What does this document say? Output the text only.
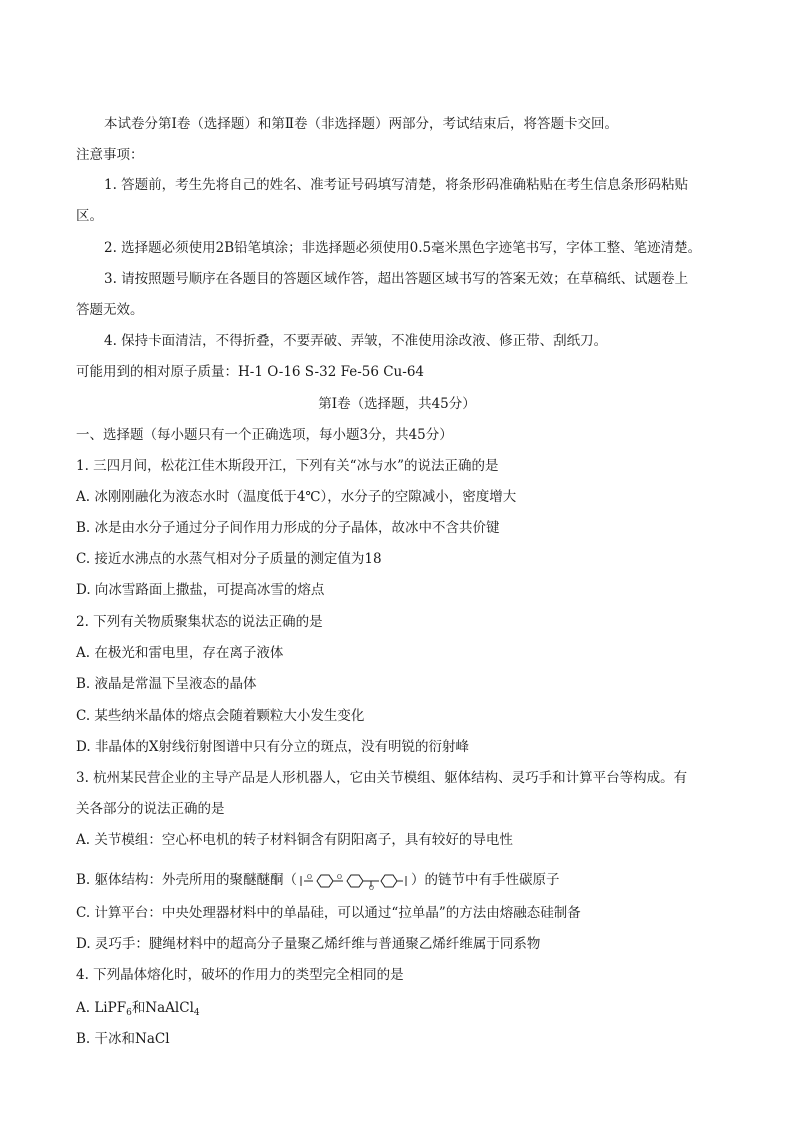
本试卷分第Ⅰ卷（选择题）和第Ⅱ卷（非选择题）两部分，考试结束后，将答题卡交回。
注意事项：
1. 答题前，考生先将自己的姓名、准考证号码填写清楚，将条形码准确粘贴在考生信息条形码粘贴
区。
2. 选择题必须使用2B铅笔填涂；非选择题必须使用0.5毫米黑色字迹笔书写，字体工整、笔迹清楚。
3. 请按照题号顺序在各题目的答题区域作答，超出答题区域书写的答案无效；在草稿纸、试题卷上
答题无效。
4. 保持卡面清洁，不得折叠，不要弄破、弄皱，不准使用涂改液、修正带、刮纸刀。
可能用到的相对原子质量：H-1 O-16 S-32 Fe-56 Cu-64
第Ⅰ卷（选择题，共45分）
一、选择题（每小题只有一个正确选项，每小题3分，共45分）
1. 三四月间，松花江佳木斯段开江，下列有关“冰与水”的说法正确的是
A. 冰刚刚融化为液态水时（温度低于4℃），水分子的空隙减小，密度增大
B. 冰是由水分子通过分子间作用力形成的分子晶体，故冰中不含共价键
C. 接近水沸点的水蒸气相对分子质量的测定值为18
D. 向冰雪路面上撒盐，可提高冰雪的熔点
2. 下列有关物质聚集状态的说法正确的是
A. 在极光和雷电里，存在离子液体
B. 液晶是常温下呈液态的晶体
C. 某些纳米晶体的熔点会随着颗粒大小发生变化
D. 非晶体的X射线衍射图谱中只有分立的斑点，没有明锐的衍射峰
3. 杭州某民营企业的主导产品是人形机器人，它由关节模组、躯体结构、灵巧手和计算平台等构成。有
关各部分的说法正确的是
A. 关节模组：空心杯电机的转子材料铜含有阴阳离子，具有较好的导电性
B. 躯体结构：外壳所用的聚醚醚酮（ O	O
O	）的链节中有手性碳原子
C. 计算平台：中央处理器材料中的单晶硅，可以通过“拉单晶”的方法由熔融态硅制备
D. 灵巧手：腱绳材料中的超高分子量聚乙烯纤维与普通聚乙烯纤维属于同系物
4. 下列晶体熔化时，破坏的作用力的类型完全相同的是
A. LiPF$_6$和NaAlCl$_4$
B. 干冰和NaCl
